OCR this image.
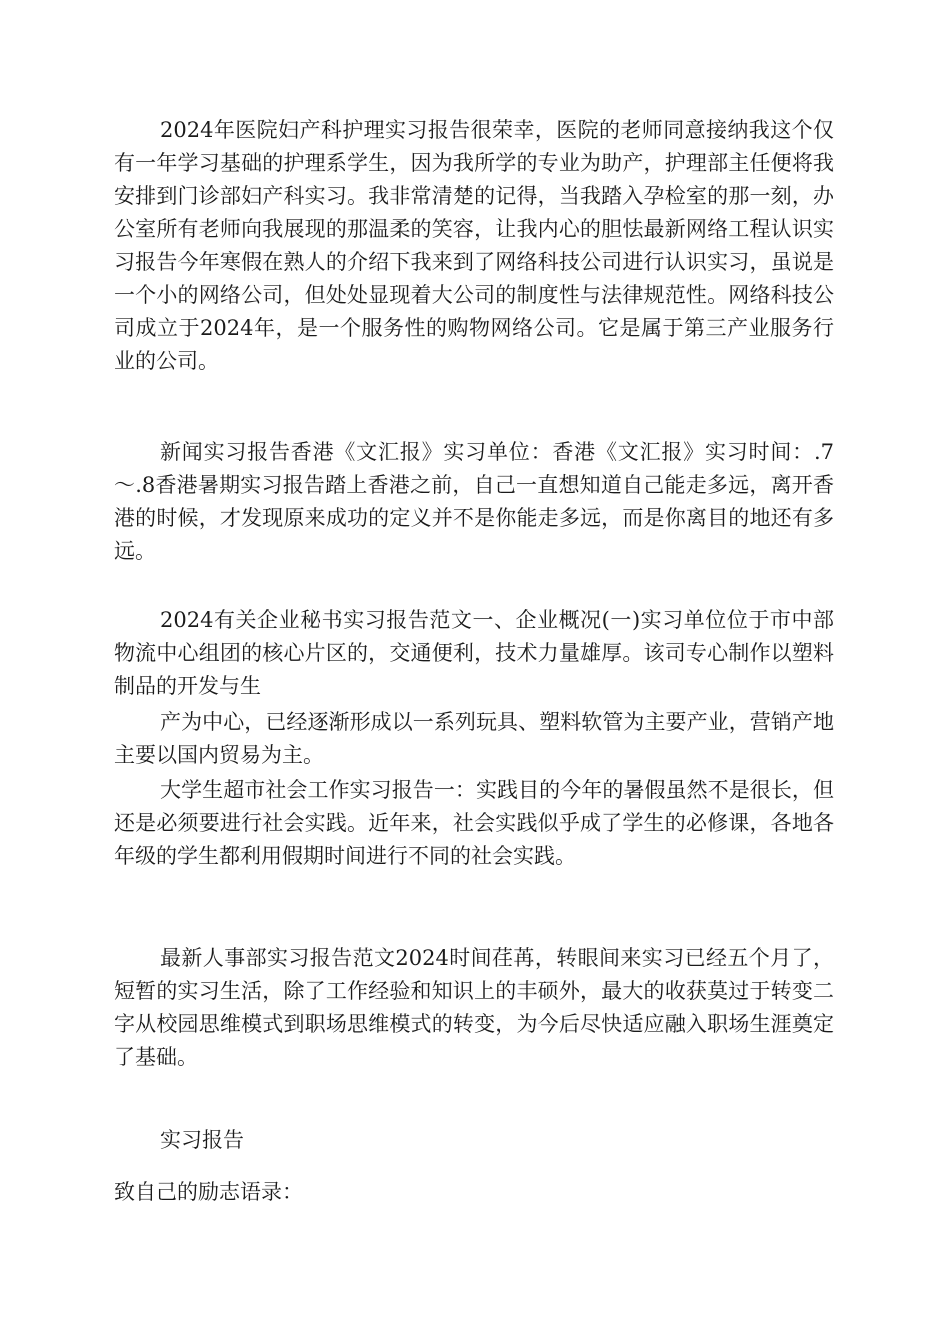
2024年医院妇产科护理实习报告很荣幸，医院的老师同意接纳我这个仅有一年学习基础的护理系学生，因为我所学的专业为助产，护理部主任便将我安排到门诊部妇产科实习。我非常清楚的记得，当我踏入孕检室的那一刻，办公室所有老师向我展现的那温柔的笑容，让我内心的胆怯最新网络工程认识实习报告今年寒假在熟人的介绍下我来到了网络科技公司进行认识实习，虽说是一个小的网络公司，但处处显现着大公司的制度性与法律规范性。网络科技公司成立于2024年，是一个服务性的购物网络公司。它是属于第三产业服务行业的公司。

新闻实习报告香港《文汇报》实习单位：香港《文汇报》实习时间：.7～.8香港暑期实习报告踏上香港之前，自己一直想知道自己能走多远，离开香港的时候，才发现原来成功的定义并不是你能走多远，而是你离目的地还有多远。

2024有关企业秘书实习报告范文一、企业概况(一)实习单位位于市中部物流中心组团的核心片区的，交通便利，技术力量雄厚。该司专心制作以塑料制品的开发与生

产为中心，已经逐渐形成以一系列玩具、塑料软管为主要产业，营销产地主要以国内贸易为主。

大学生超市社会工作实习报告一：实践目的今年的暑假虽然不是很长，但还是必须要进行社会实践。近年来，社会实践似乎成了学生的必修课，各地各年级的学生都利用假期时间进行不同的社会实践。

最新人事部实习报告范文2024时间荏苒，转眼间来实习已经五个月了，短暂的实习生活，除了工作经验和知识上的丰硕外，最大的收获莫过于转变二字从校园思维模式到职场思维模式的转变，为今后尽快适应融入职场生涯奠定了基础。

实习报告

致自己的励志语录：
